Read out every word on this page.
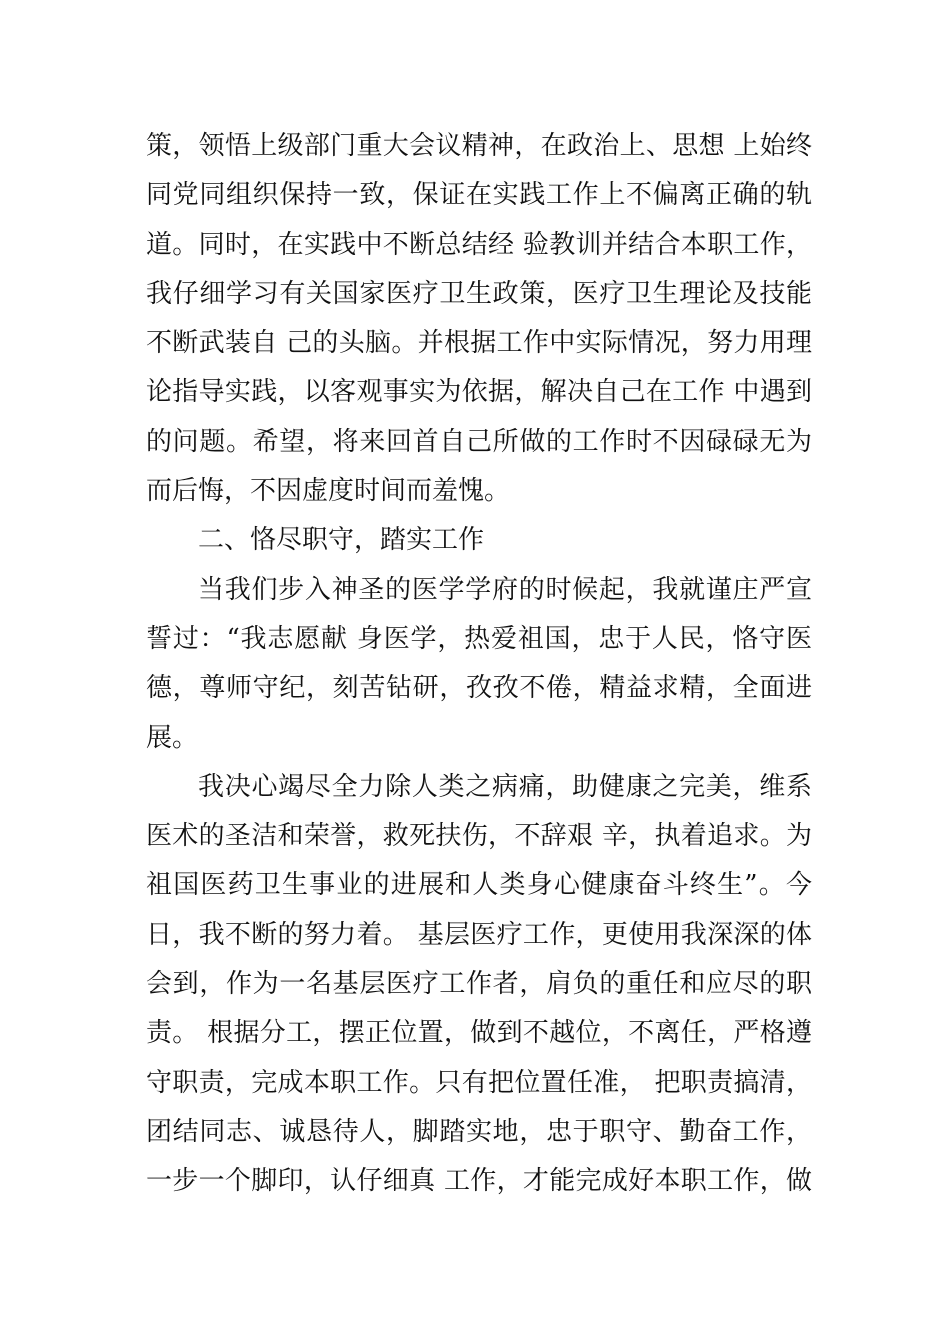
策，领悟上级部门重大会议精神，在政治上、思想 上始终
同党同组织保持一致，保证在实践工作上不偏离正确的轨
道。同时，在实践中不断总结经 验教训并结合本职工作，
我仔细学习有关国家医疗卫生政策，医疗卫生理论及技能
不断武装自 己的头脑。并根据工作中实际情况，努力用理
论指导实践，以客观事实为依据，解决自己在工作 中遇到
的问题。希望，将来回首自己所做的工作时不因碌碌无为
而后悔，不因虚度时间而羞愧。
二、恪尽职守，踏实工作
当我们步入神圣的医学学府的时候起，我就谨庄严宣
誓过：“我志愿献 身医学，热爱祖国，忠于人民，恪守医
德，尊师守纪，刻苦钻研，孜孜不倦，精益求精，全面进
展。
我决心竭尽全力除人类之病痛，助健康之完美，维系
医术的圣洁和荣誉，救死扶伤，不辞艰 辛，执着追求。为
祖国医药卫生事业的进展和人类身心健康奋斗终生”。今
日，我不断的努力着。 基层医疗工作，更使用我深深的体
会到，作为一名基层医疗工作者，肩负的重任和应尽的职
责。 根据分工，摆正位置，做到不越位，不离任，严格遵
守职责，完成本职工作。只有把位置任准， 把职责搞清，
团结同志、诚恳待人，脚踏实地，忠于职守、勤奋工作，
一步一个脚印，认仔细真 工作，才能完成好本职工作，做
